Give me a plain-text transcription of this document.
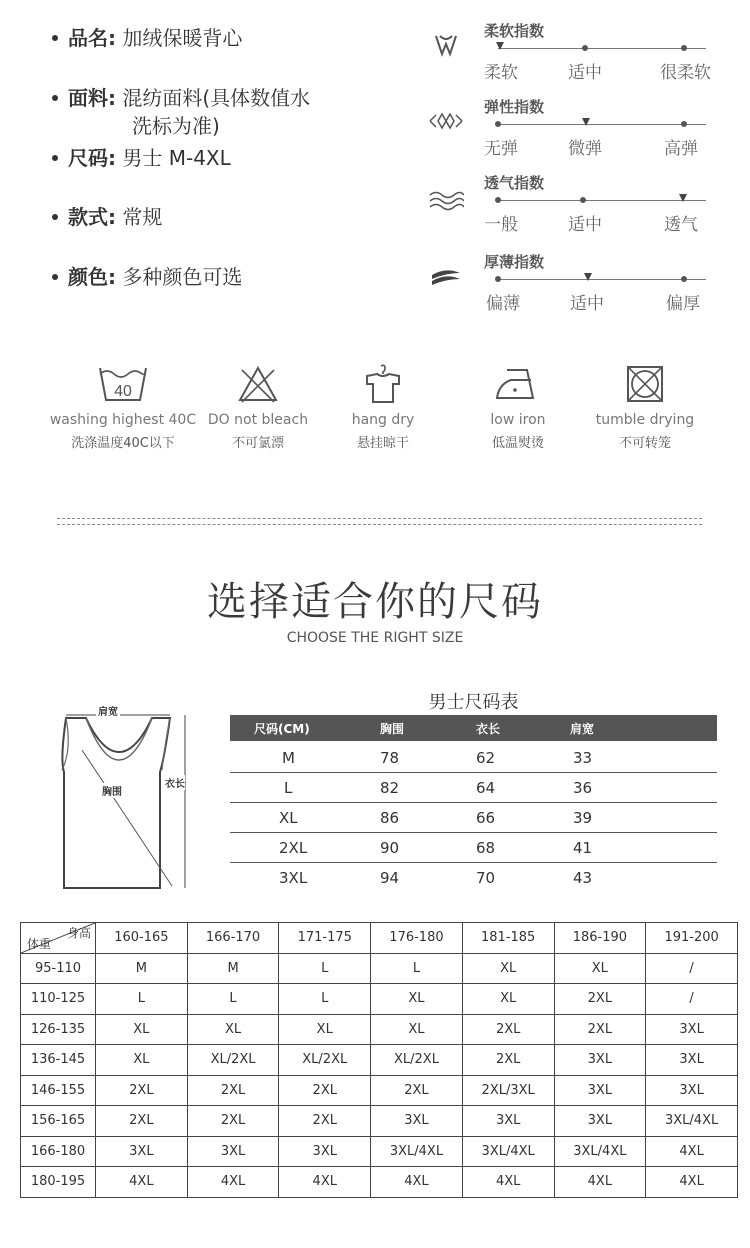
品名: 加绒保暖背心
面料: 混纺面料(具体数值水
洗标为准)
尺码: 男士 M-4XL
款式: 常规
颜色: 多种颜色可选
柔软指数
柔软	适中	很柔软
弹性指数
无弹	微弹	高弹
透气指数
一般	适中	透气
厚薄指数
偏薄	适中	偏厚
40
washing highest 40C
洗涤温度40C以下
DO not bleach
不可氯漂
hang dry
悬挂晾干
low iron
低温熨烫
tumble drying
不可转笼
选择适合你的尺码
CHOOSE THE RIGHT SIZE
肩宽
胸围
衣长
男士尺码表
尺码(CM)	胸围	衣长	肩宽
M	78	62	33
L	82	64	36
XL	86	66	39
2XL	90	68	41
3XL	94	70	43
身高
体重	160-165	166-170	171-175	176-180	181-185	186-190	191-200
95-110	M	M	L	L	XL	XL	/
110-125	L	L	L	XL	XL	2XL	/
126-135	XL	XL	XL	XL	2XL	2XL	3XL
136-145	XL	XL/2XL	XL/2XL	XL/2XL	2XL	3XL	3XL
146-155	2XL	2XL	2XL	2XL	2XL/3XL	3XL	3XL
156-165	2XL	2XL	2XL	3XL	3XL	3XL	3XL/4XL
166-180	3XL	3XL	3XL	3XL/4XL	3XL/4XL	3XL/4XL	4XL
180-195	4XL	4XL	4XL	4XL	4XL	4XL	4XL
